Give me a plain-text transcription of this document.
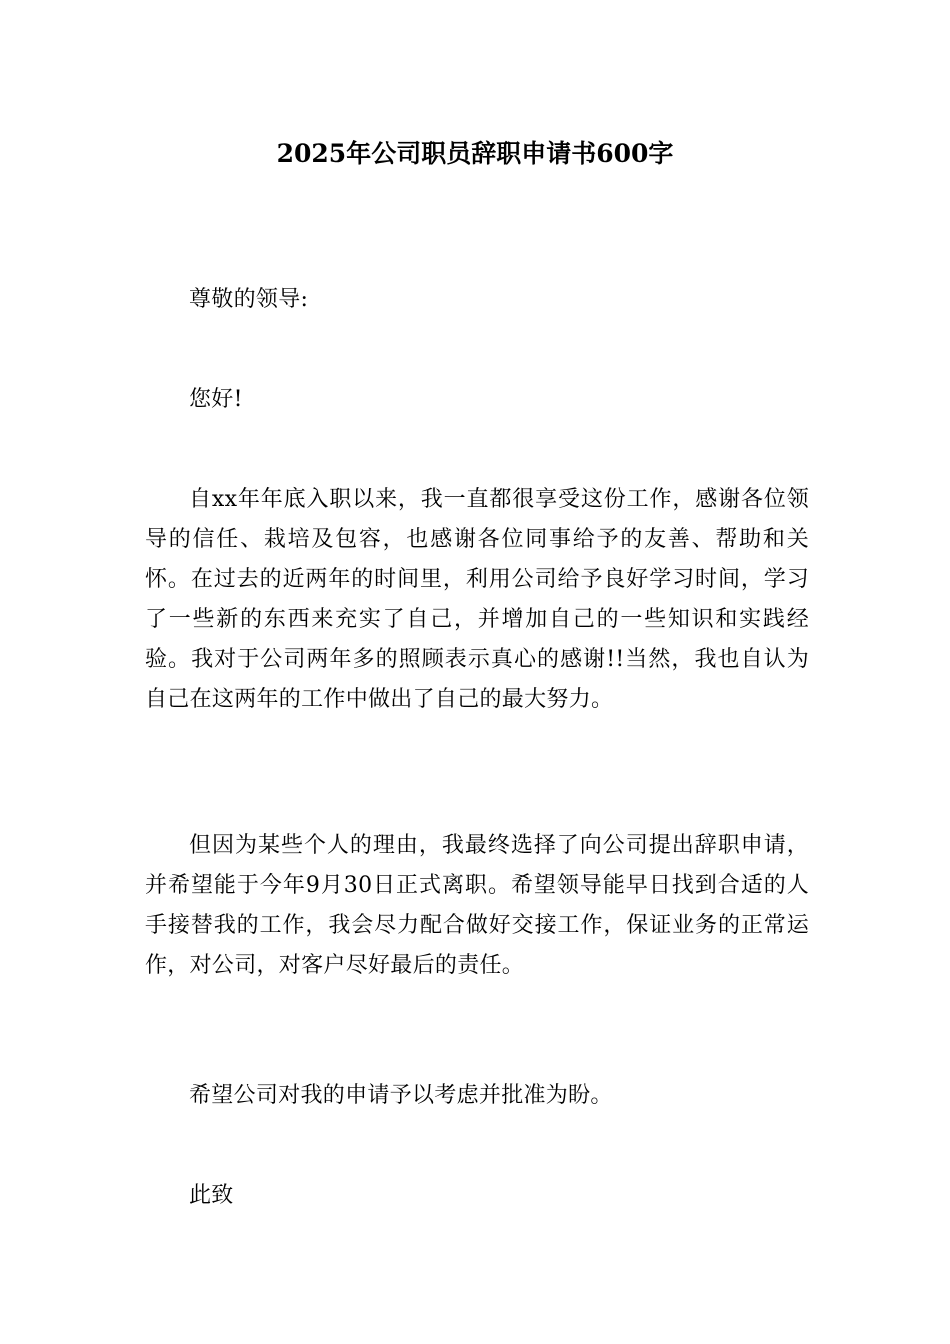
2025年公司职员辞职申请书600字

尊敬的领导:

您好!

自xx年年底入职以来，我一直都很享受这份工作，感谢各位领导的信任、栽培及包容，也感谢各位同事给予的友善、帮助和关怀。在过去的近两年的时间里，利用公司给予良好学习时间，学习了一些新的东西来充实了自己，并增加自己的一些知识和实践经验。我对于公司两年多的照顾表示真心的感谢!!当然，我也自认为自己在这两年的工作中做出了自己的最大努力。

但因为某些个人的理由，我最终选择了向公司提出辞职申请，并希望能于今年9月30日正式离职。希望领导能早日找到合适的人手接替我的工作，我会尽力配合做好交接工作，保证业务的正常运作，对公司，对客户尽好最后的责任。

希望公司对我的申请予以考虑并批准为盼。

此致
